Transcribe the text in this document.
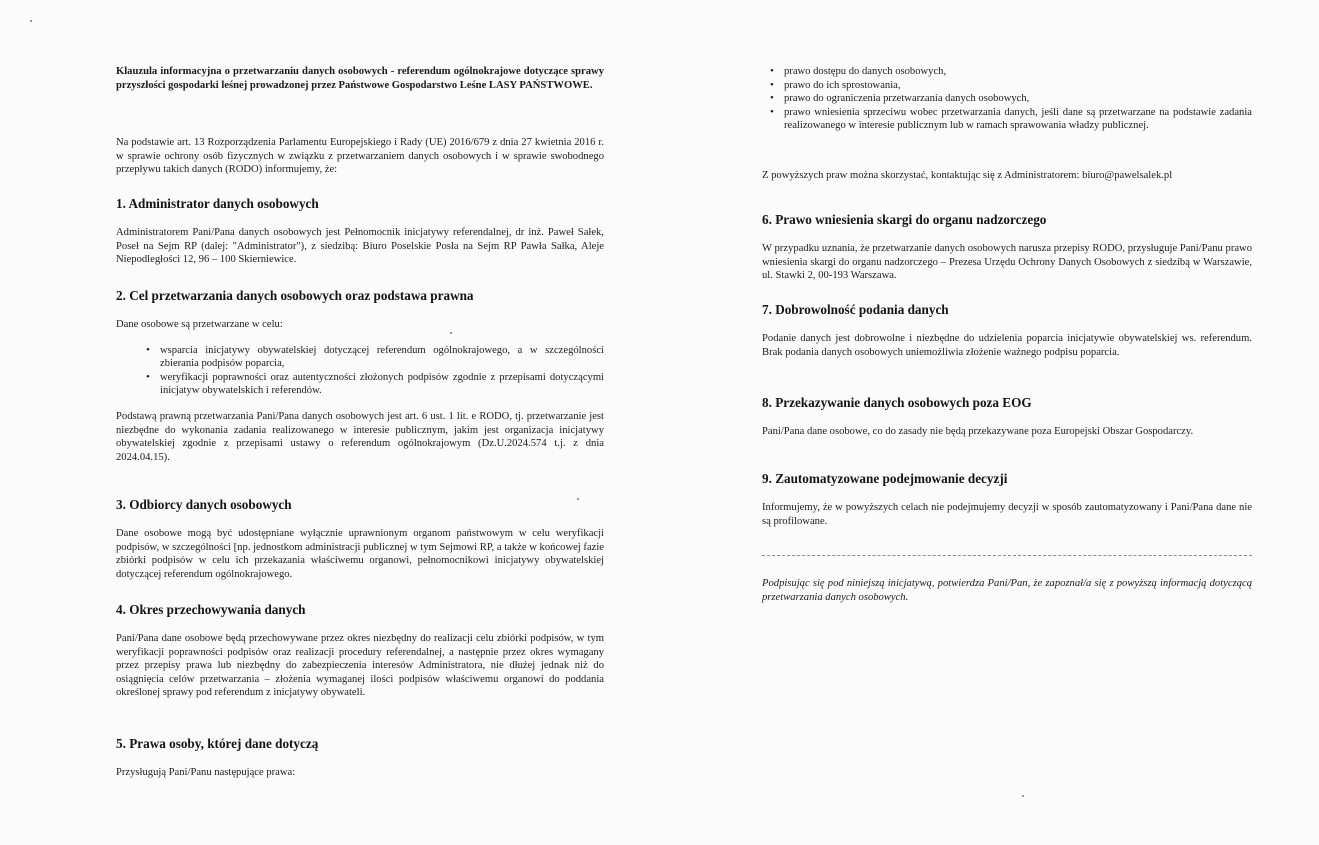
Klauzula informacyjna o przetwarzaniu danych osobowych - referendum ogólnokrajowe dotyczące sprawy przyszłości gospodarki leśnej prowadzonej przez Państwowe Gospodarstwo Leśne LASY PAŃSTWOWE.

Na podstawie art. 13 Rozporządzenia Parlamentu Europejskiego i Rady (UE) 2016/679 z dnia 27 kwietnia 2016 r. w sprawie ochrony osób fizycznych w związku z przetwarzaniem danych osobowych i w sprawie swobodnego przepływu takich danych (RODO) informujemy, że:

1. Administrator danych osobowych

Administratorem Pani/Pana danych osobowych jest Pełnomocnik inicjatywy referendalnej, dr inż. Paweł Sałek, Poseł na Sejm RP (dalej: "Administrator"), z siedzibą: Biuro Poselskie Posła na Sejm RP Pawła Sałka, Aleje Niepodległości 12, 96 – 100 Skierniewice.

2. Cel przetwarzania danych osobowych oraz podstawa prawna

Dane osobowe są przetwarzane w celu:

• wsparcia inicjatywy obywatelskiej dotyczącej referendum ogólnokrajowego, a w szczególności zbierania podpisów poparcia,
• weryfikacji poprawności oraz autentyczności złożonych podpisów zgodnie z przepisami dotyczącymi inicjatyw obywatelskich i referendów.

Podstawą prawną przetwarzania Pani/Pana danych osobowych jest art. 6 ust. 1 lit. e RODO, tj. przetwarzanie jest niezbędne do wykonania zadania realizowanego w interesie publicznym, jakim jest organizacja inicjatywy obywatelskiej zgodnie z przepisami ustawy o referendum ogólnokrajowym (Dz.U.2024.574 t.j. z dnia 2024.04.15).

3. Odbiorcy danych osobowych

Dane osobowe mogą być udostępniane wyłącznie uprawnionym organom państwowym w celu weryfikacji podpisów, w szczególności [np. jednostkom administracji publicznej w tym Sejmowi RP, a także w końcowej fazie zbiórki podpisów w celu ich przekazania właściwemu organowi, pełnomocnikowi inicjatywy obywatelskiej dotyczącej referendum ogólnokrajowego.

4. Okres przechowywania danych

Pani/Pana dane osobowe będą przechowywane przez okres niezbędny do realizacji celu zbiórki podpisów, w tym weryfikacji poprawności podpisów oraz realizacji procedury referendalnej, a następnie przez okres wymagany przez przepisy prawa lub niezbędny do zabezpieczenia interesów Administratora, nie dłużej jednak niż do osiągnięcia celów przetwarzania – złożenia wymaganej ilości podpisów właściwemu organowi do poddania określonej sprawy pod referendum z inicjatywy obywateli.

5. Prawa osoby, której dane dotyczą

Przysługują Pani/Panu następujące prawa:

• prawo dostępu do danych osobowych,
• prawo do ich sprostowania,
• prawo do ograniczenia przetwarzania danych osobowych,
• prawo wniesienia sprzeciwu wobec przetwarzania danych, jeśli dane są przetwarzane na podstawie zadania realizowanego w interesie publicznym lub w ramach sprawowania władzy publicznej.

Z powyższych praw można skorzystać, kontaktując się z Administratorem: biuro@pawelsalek.pl

6. Prawo wniesienia skargi do organu nadzorczego

W przypadku uznania, że przetwarzanie danych osobowych narusza przepisy RODO, przysługuje Pani/Panu prawo wniesienia skargi do organu nadzorczego – Prezesa Urzędu Ochrony Danych Osobowych z siedzibą w Warszawie, ul. Stawki 2, 00-193 Warszawa.

7. Dobrowolność podania danych

Podanie danych jest dobrowolne i niezbędne do udzielenia poparcia inicjatywie obywatelskiej ws. referendum. Brak podania danych osobowych uniemożliwia złożenie ważnego podpisu poparcia.

8. Przekazywanie danych osobowych poza EOG

Pani/Pana dane osobowe, co do zasady nie będą przekazywane poza Europejski Obszar Gospodarczy.

9. Zautomatyzowane podejmowanie decyzji

Informujemy, że w powyższych celach nie podejmujemy decyzji w sposób zautomatyzowany i Pani/Pana dane nie są profilowane.

Podpisując się pod niniejszą inicjatywą, potwierdza Pani/Pan, że zapoznał/a się z powyższą informacją dotyczącą przetwarzania danych osobowych.
